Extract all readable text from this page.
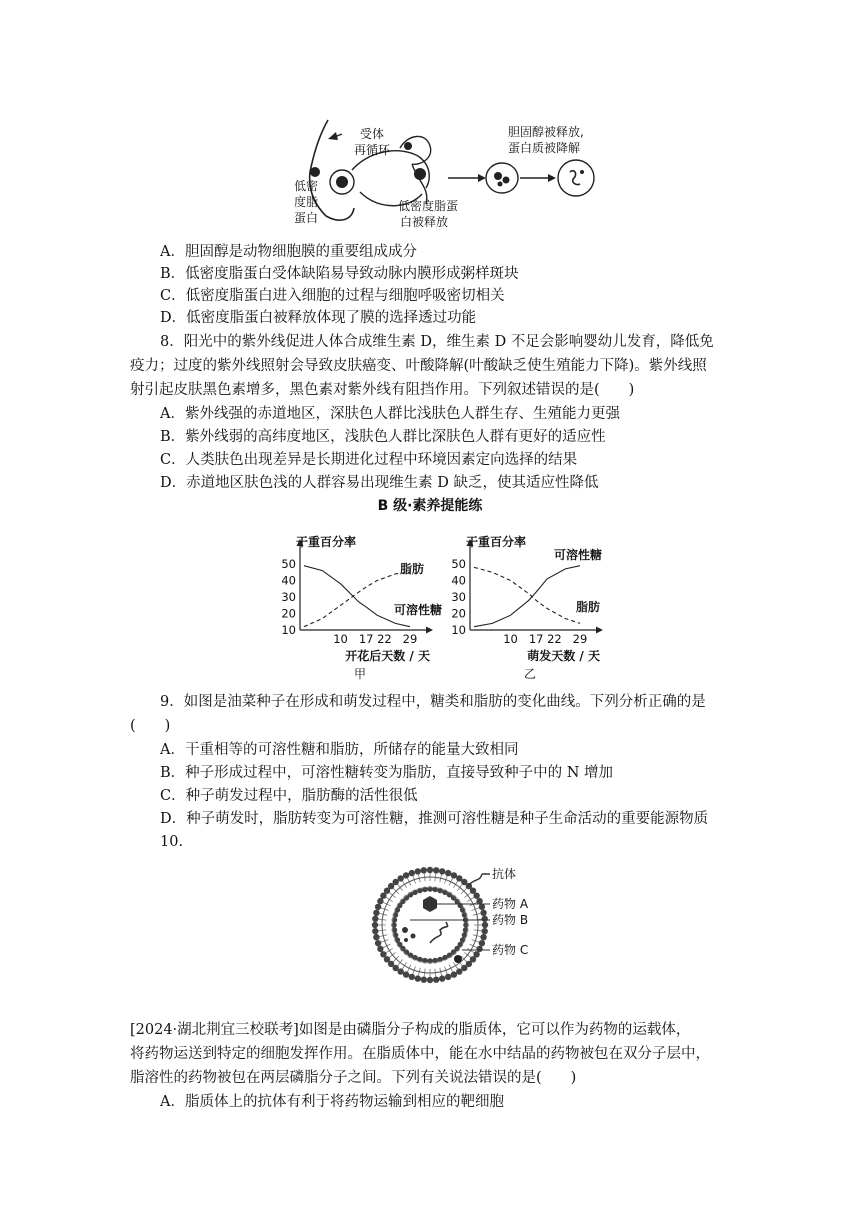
受体
再循环
低密
度脂
蛋白
低密度脂蛋
白被释放
胆固醇被释放,
蛋白质被降解
A．胆固醇是动物细胞膜的重要组成成分
B．低密度脂蛋白受体缺陷易导致动脉内膜形成粥样斑块
C．低密度脂蛋白进入细胞的过程与细胞呼吸密切相关
D．低密度脂蛋白被释放体现了膜的选择透过功能
8．阳光中的紫外线促进人体合成维生素 D，维生素 D 不足会影响婴幼儿发育，降低免
疫力；过度的紫外线照射会导致皮肤癌变、叶酸降解(叶酸缺乏使生殖能力下降)。紫外线照
射引起皮肤黑色素增多，黑色素对紫外线有阻挡作用。下列叙述错误的是(　　)
A．紫外线强的赤道地区，深肤色人群比浅肤色人群生存、生殖能力更强
B．紫外线弱的高纬度地区，浅肤色人群比深肤色人群有更好的适应性
C．人类肤色出现差异是长期进化过程中环境因素定向选择的结果
D．赤道地区肤色浅的人群容易出现维生素 D 缺乏，使其适应性降低
B 级·素养提能练
10
20
30
40
50
10 17 22 29
干重百分率
开花后天数 / 天
甲
10
20
30
40
50
10 17 22 29
干重百分率
萌发天数 / 天
乙
脂肪
可溶性糖
可溶性糖
脂肪
9．如图是油菜种子在形成和萌发过程中，糖类和脂肪的变化曲线。下列分析正确的是
(　　)
A．干重相等的可溶性糖和脂肪，所储存的能量大致相同
B．种子形成过程中，可溶性糖转变为脂肪，直接导致种子中的 N 增加
C．种子萌发过程中，脂肪酶的活性很低
D．种子萌发时，脂肪转变为可溶性糖，推测可溶性糖是种子生命活动的重要能源物质
10.
抗体
药物 A
药物 B
药物 C
[2024·湖北荆宜三校联考]如图是由磷脂分子构成的脂质体，它可以作为药物的运载体，
将药物运送到特定的细胞发挥作用。在脂质体中，能在水中结晶的药物被包在双分子层中，
脂溶性的药物被包在两层磷脂分子之间。下列有关说法错误的是(　　)
A．脂质体上的抗体有利于将药物运输到相应的靶细胞
